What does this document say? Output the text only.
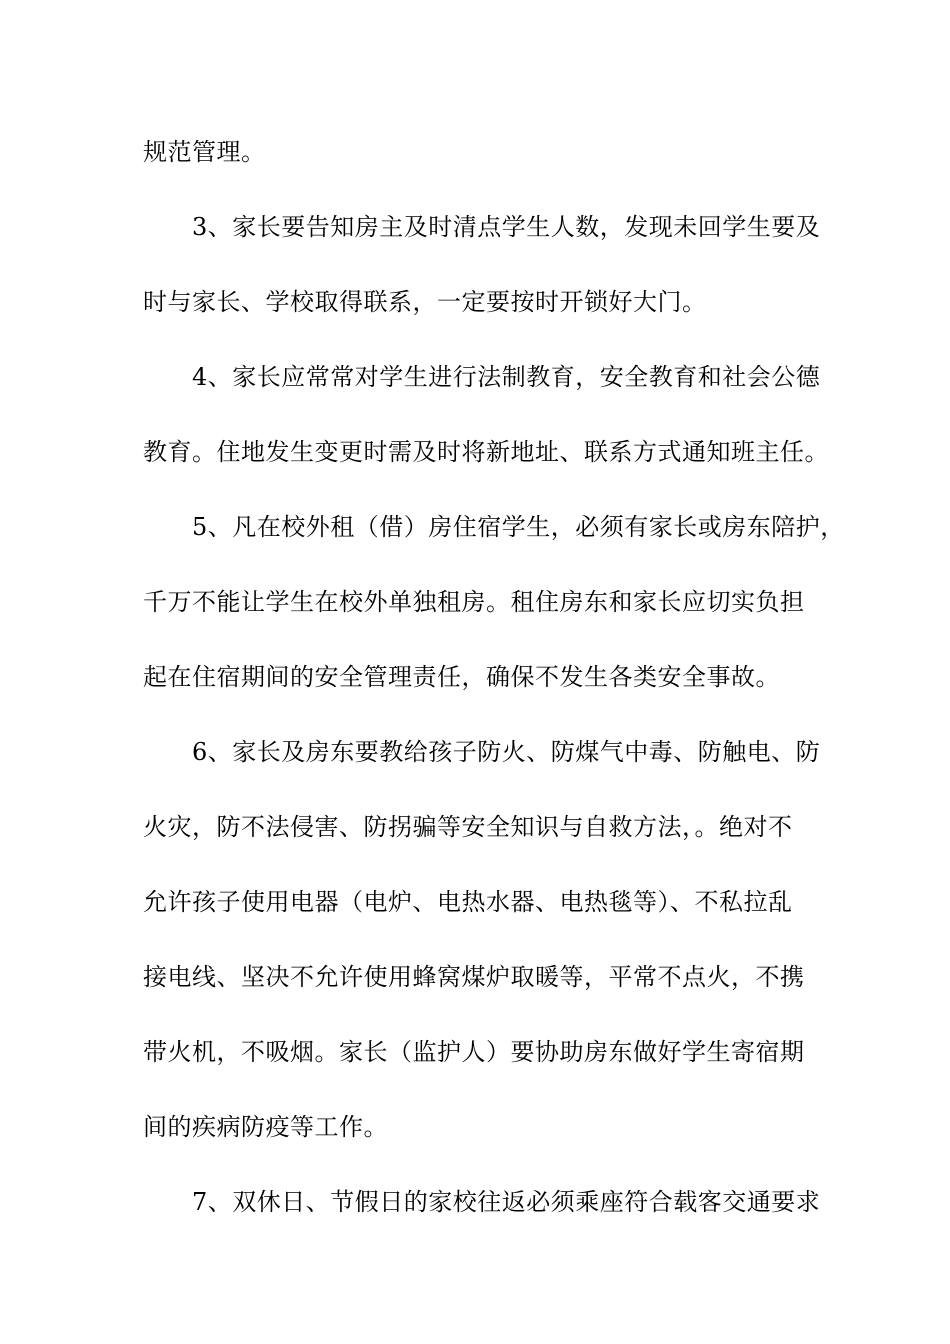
规范管理。
3、家长要告知房主及时清点学生人数，发现未回学生要及
时与家长、学校取得联系，一定要按时开锁好大门。
4、家长应常常对学生进行法制教育，安全教育和社会公德
教育。住地发生变更时需及时将新地址、联系方式通知班主任。
5、凡在校外租（借）房住宿学生，必须有家长或房东陪护，
千万不能让学生在校外单独租房。租住房东和家长应切实负担
起在住宿期间的安全管理责任，确保不发生各类安全事故。
6、家长及房东要教给孩子防火、防煤气中毒、防触电、防
火灾，防不法侵害、防拐骗等安全知识与自救方法，。绝对不
允许孩子使用电器（电炉、电热水器、电热毯等）、不私拉乱
接电线、坚决不允许使用蜂窝煤炉取暖等，平常不点火，不携
带火机，不吸烟。家长（监护人）要协助房东做好学生寄宿期
间的疾病防疫等工作。
7、双休日、节假日的家校往返必须乘座符合载客交通要求
